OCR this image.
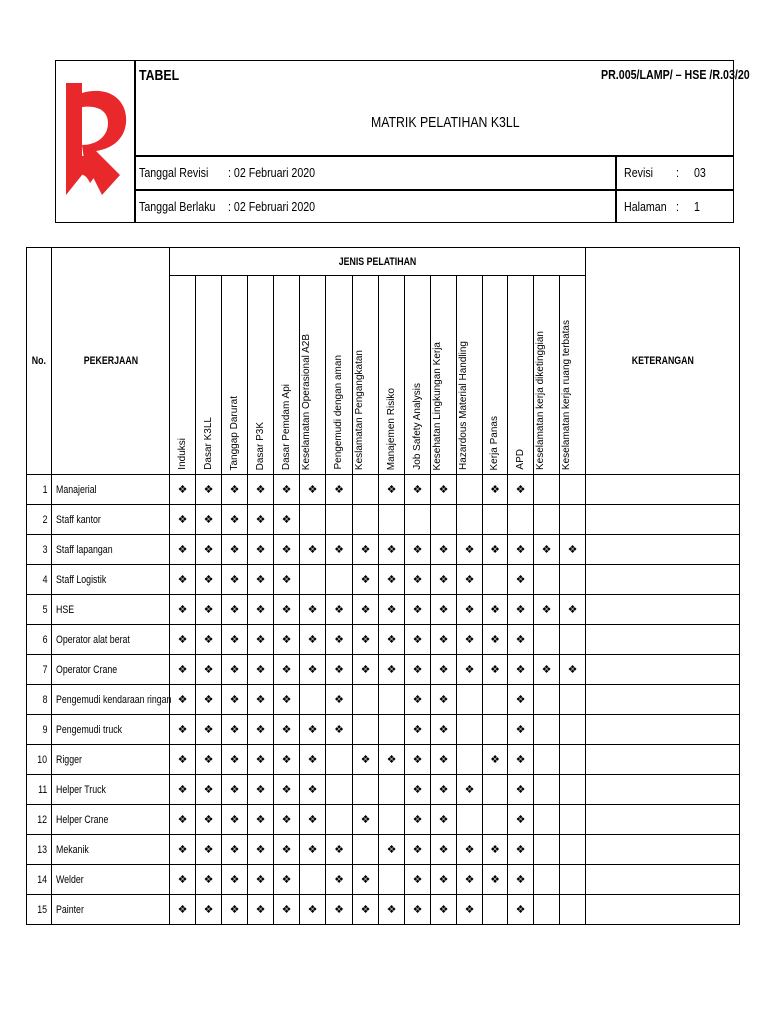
TABEL	PR.005/LAMP/ – HSE /R.03/20
MATRIK PELATIHAN K3LL
Tanggal Revisi : 02 Februari 2020
Tanggal Berlaku : 02 Februari 2020
Revisi : 03
Halaman : 1
No.	PEKERJAAN	JENIS PELATIHAN																KETERANGAN

		Induksi	Dasar K3LL	Tanggap Darurat	Dasar P3K	Dasar Pemdam Api	Keselamatan Operasional A2B	Pengemudi dengan aman	Keslamatan Pengangkatan	Manajemen Risiko	Job Safety Analysis	Kesehatan Lingkungan Kerja	Hazardous Material Handling	Kerja Panas	APD	Keselamatan kerja diketinggian	Keselamatan kerja ruang terbatas	

1	Manajerial	❖	❖	❖	❖	❖	❖	❖		❖	❖	❖		❖	❖			
2	Staff kantor	❖	❖	❖	❖	❖												
3	Staff lapangan	❖	❖	❖	❖	❖	❖	❖	❖	❖	❖	❖	❖	❖	❖	❖	❖	
4	Staff Logistik	❖	❖	❖	❖	❖			❖	❖	❖	❖	❖		❖			
5	HSE	❖	❖	❖	❖	❖	❖	❖	❖	❖	❖	❖	❖	❖	❖	❖	❖	
6	Operator alat berat	❖	❖	❖	❖	❖	❖	❖	❖	❖	❖	❖	❖	❖	❖			
7	Operator Crane	❖	❖	❖	❖	❖	❖	❖	❖	❖	❖	❖	❖	❖	❖	❖	❖	
8	Pengemudi kendaraan ringan	❖	❖	❖	❖	❖		❖			❖	❖			❖			
9	Pengemudi truck	❖	❖	❖	❖	❖	❖	❖			❖	❖			❖			
10	Rigger	❖	❖	❖	❖	❖	❖		❖	❖	❖	❖		❖	❖			
11	Helper Truck	❖	❖	❖	❖	❖	❖				❖	❖	❖		❖			
12	Helper Crane	❖	❖	❖	❖	❖	❖		❖		❖	❖			❖			
13	Mekanik	❖	❖	❖	❖	❖	❖	❖		❖	❖	❖	❖	❖	❖			
14	Welder	❖	❖	❖	❖	❖		❖	❖		❖	❖	❖	❖	❖			
15	Painter	❖	❖	❖	❖	❖	❖	❖	❖	❖	❖	❖	❖		❖			
